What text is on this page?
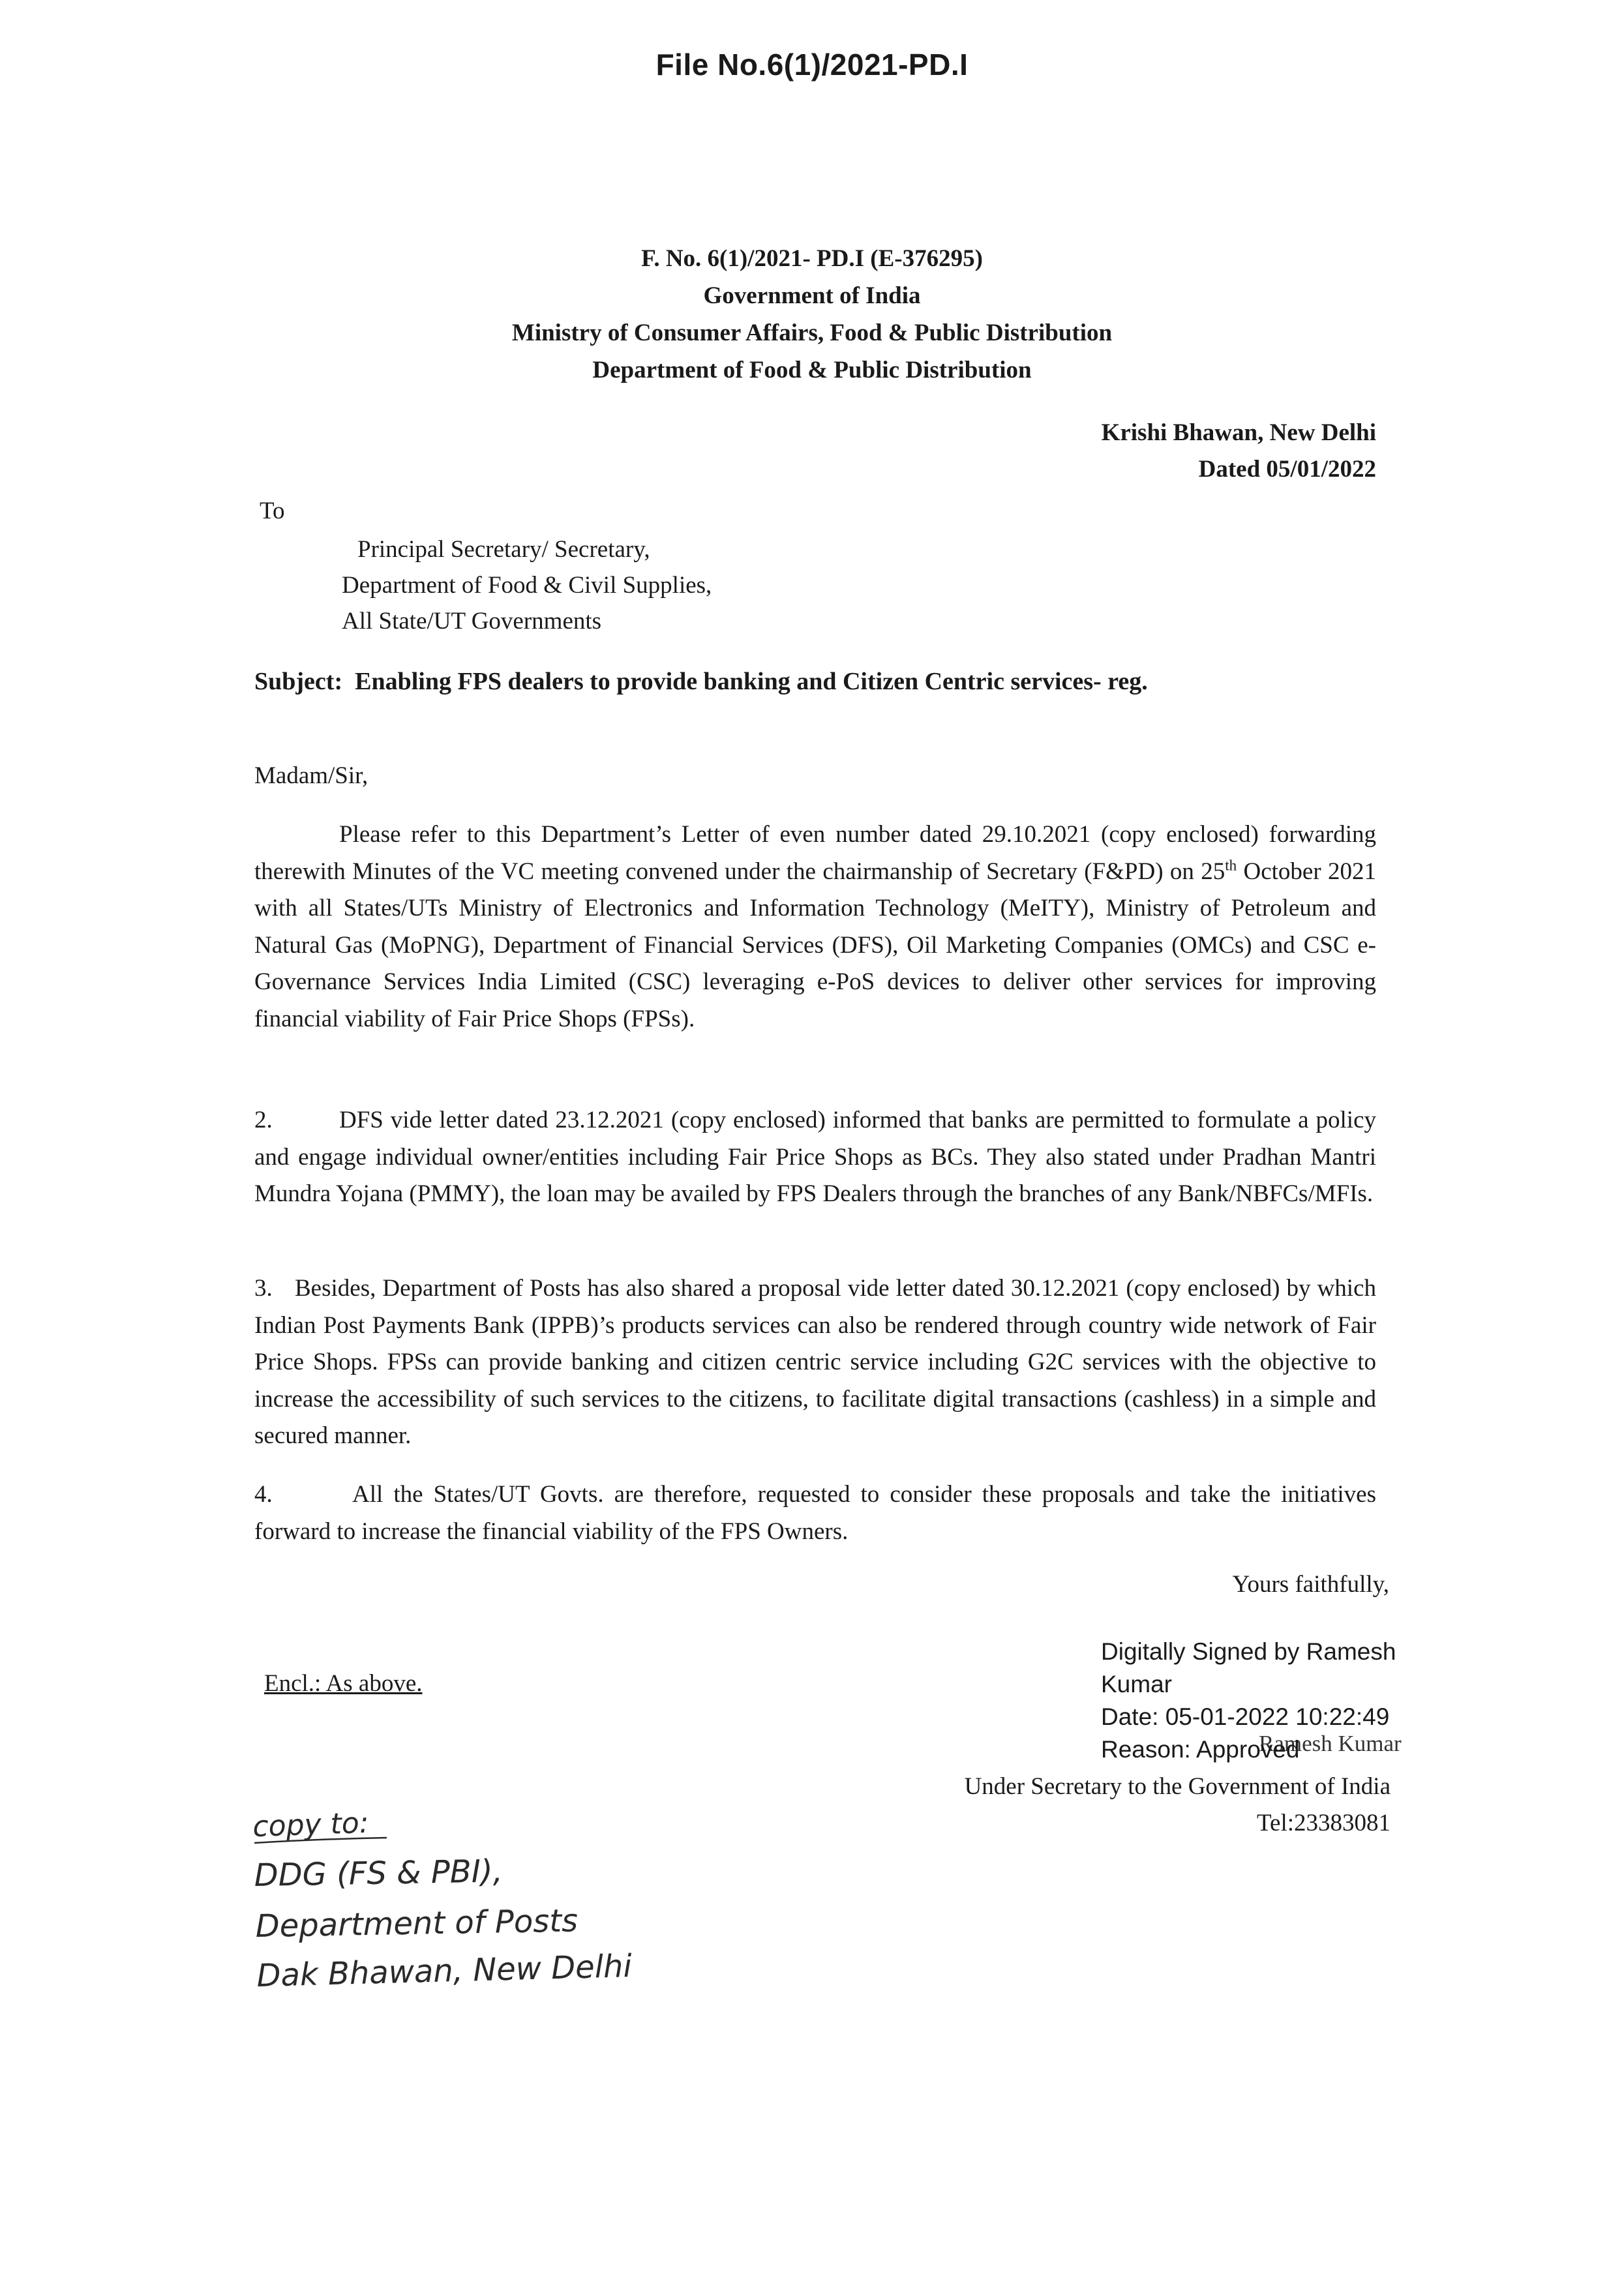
File No.6(1)/2021-PD.I
F. No. 6(1)/2021- PD.I (E-376295)
Government of India
Ministry of Consumer Affairs, Food & Public Distribution
Department of Food & Public Distribution
Krishi Bhawan, New Delhi
Dated 05/01/2022
To
Principal Secretary/ Secretary,
Department of Food & Civil Supplies,
All State/UT Governments
Subject: Enabling FPS dealers to provide banking and Citizen Centric services- reg.
Madam/Sir,
Please refer to this Department’s Letter of even number dated 29.10.2021 (copy enclosed) forwarding therewith Minutes of the VC meeting convened under the chairmanship of Secretary (F&PD) on 25th October 2021 with all States/UTs Ministry of Electronics and Information Technology (MeITY), Ministry of Petroleum and Natural Gas (MoPNG), Department of Financial Services (DFS), Oil Marketing Companies (OMCs) and CSC e-Governance Services India Limited (CSC) leveraging e-PoS devices to deliver other services for improving financial viability of Fair Price Shops (FPSs).
2.	DFS vide letter dated 23.12.2021 (copy enclosed) informed that banks are permitted to formulate a policy and engage individual owner/entities including Fair Price Shops as BCs. They also stated under Pradhan Mantri Mundra Yojana (PMMY), the loan may be availed by FPS Dealers through the branches of any Bank/NBFCs/MFIs.
3. Besides, Department of Posts has also shared a proposal vide letter dated 30.12.2021 (copy enclosed) by which Indian Post Payments Bank (IPPB)’s products services can also be rendered through country wide network of Fair Price Shops. FPSs can provide banking and citizen centric service including G2C services with the objective to increase the accessibility of such services to the citizens, to facilitate digital transactions (cashless) in a simple and secured manner.
4.	All the States/UT Govts. are therefore, requested to consider these proposals and take the initiatives forward to increase the financial viability of the FPS Owners.
Yours faithfully,
Ramesh Kumar
Digitally Signed by Ramesh
Kumar
Date: 05-01-2022 10:22:49
Reason: Approved
Encl.: As above.
Under Secretary to the Government of India
Tel:23383081
copy to:
DDG (FS & PBI),
Department of Posts
Dak Bhawan, New Delhi
